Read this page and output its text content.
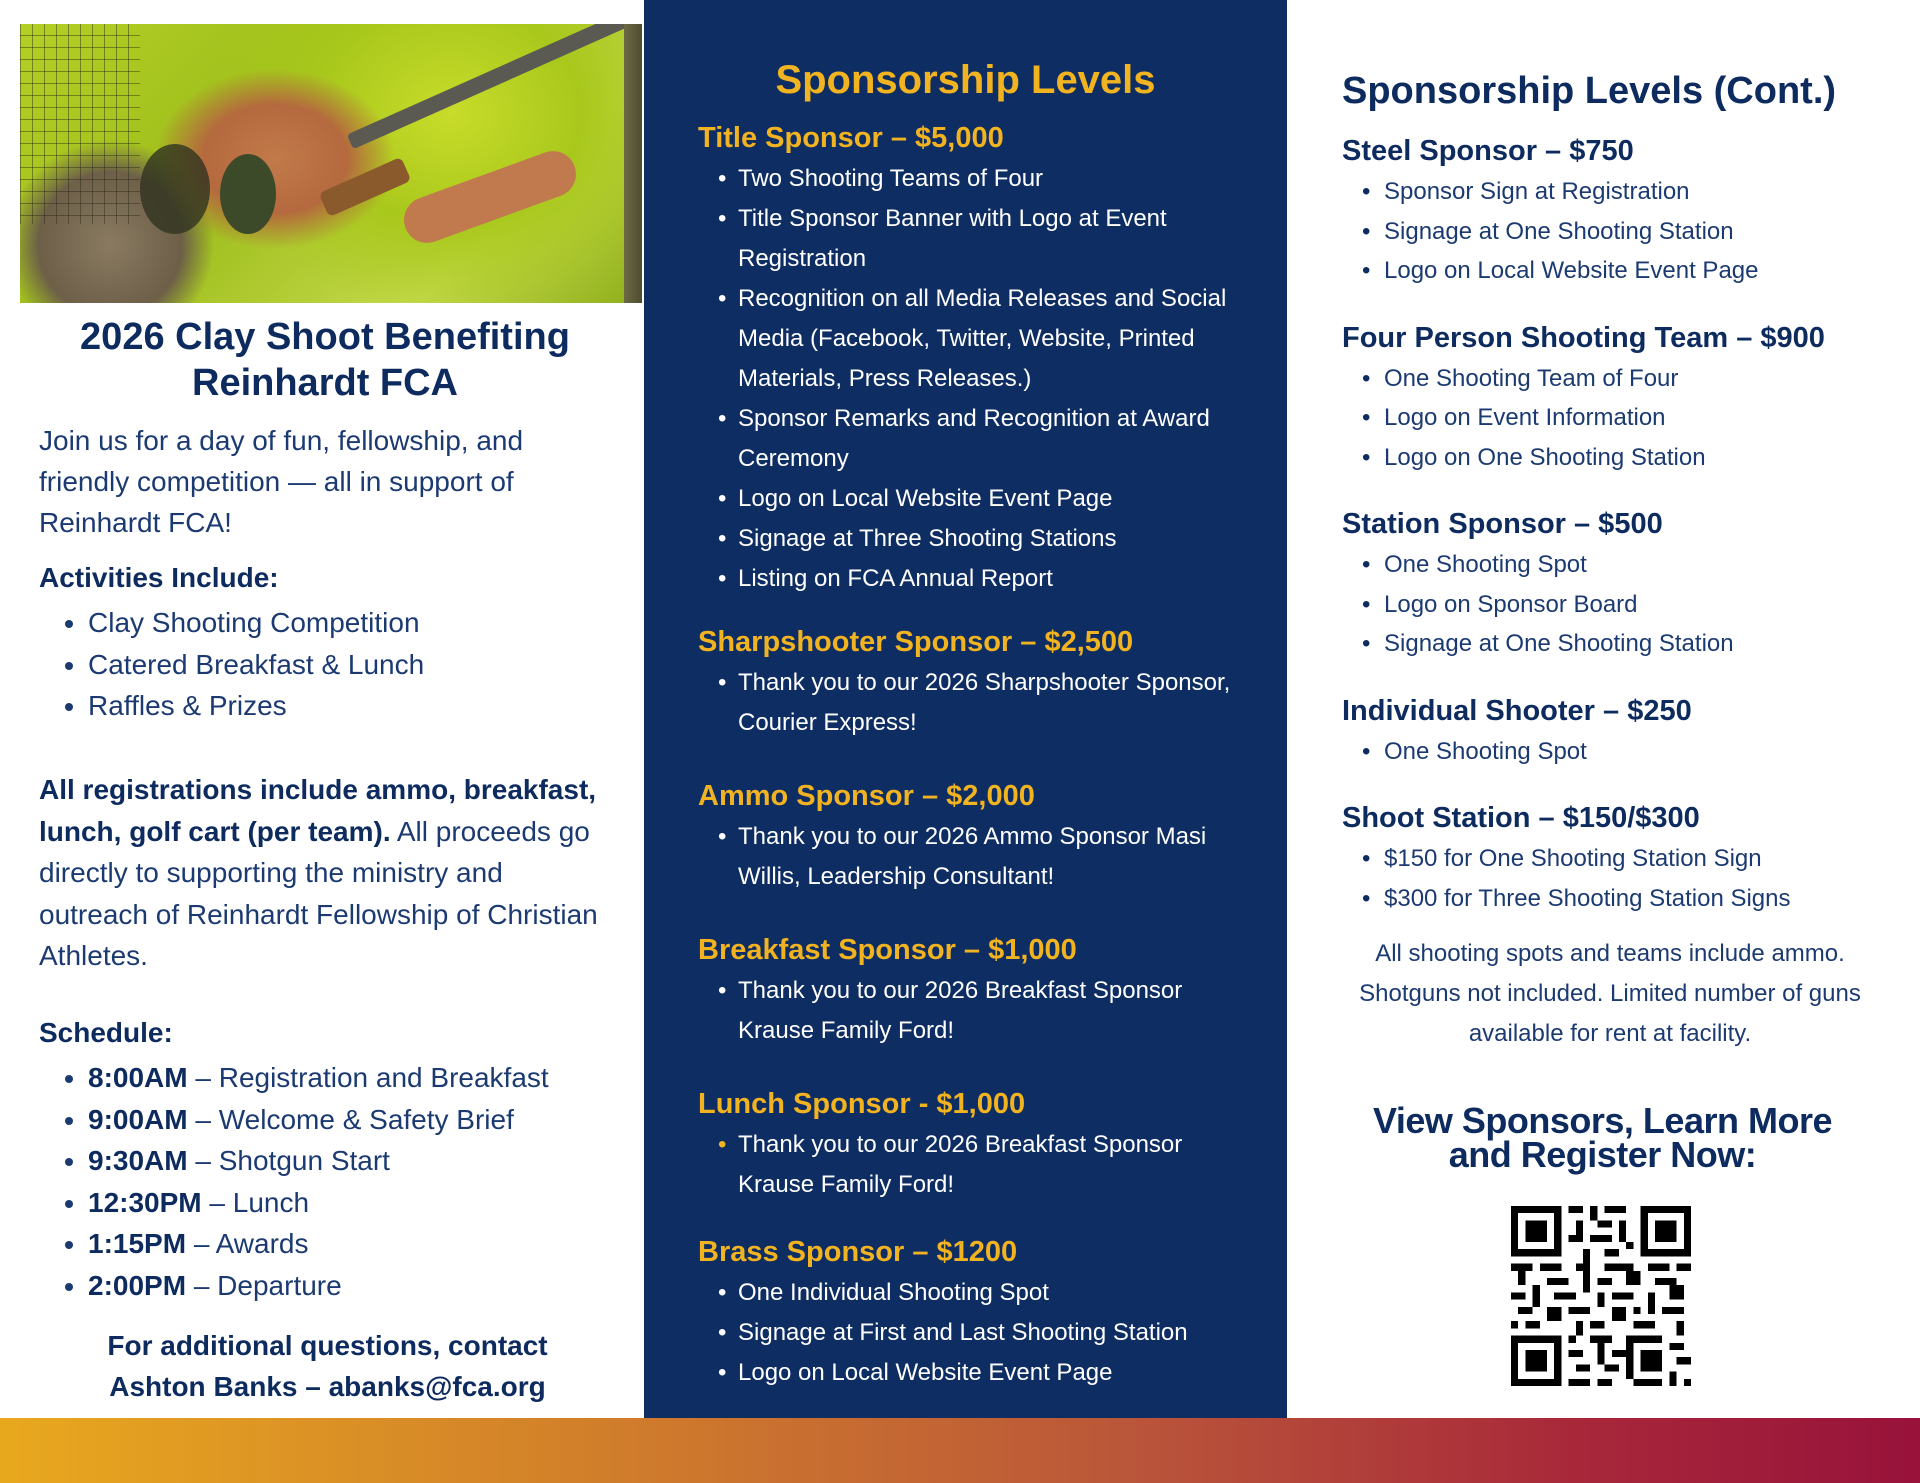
2026 Clay Shoot Benefiting Reinhardt FCA
Join us for a day of fun, fellowship, and friendly competition — all in support of Reinhardt FCA!
Activities Include:
• Clay Shooting Competition
• Catered Breakfast & Lunch
• Raffles & Prizes
All registrations include ammo, breakfast, lunch, golf cart (per team). All proceeds go directly to supporting the ministry and outreach of Reinhardt Fellowship of Christian Athletes.
Schedule:
• 8:00AM – Registration and Breakfast
• 9:00AM – Welcome & Safety Brief
• 9:30AM – Shotgun Start
• 12:30PM – Lunch
• 1:15PM – Awards
• 2:00PM – Departure
For additional questions, contact
Ashton Banks – abanks@fca.org
Sponsorship Levels
Title Sponsor – $5,000
• Two Shooting Teams of Four
• Title Sponsor Banner with Logo at Event Registration
• Recognition on all Media Releases and Social Media (Facebook, Twitter, Website, Printed Materials, Press Releases.)
• Sponsor Remarks and Recognition at Award Ceremony
• Logo on Local Website Event Page
• Signage at Three Shooting Stations
• Listing on FCA Annual Report
Sharpshooter Sponsor – $2,500
• Thank you to our 2026 Sharpshooter Sponsor, Courier Express!
Ammo Sponsor – $2,000
• Thank you to our 2026 Ammo Sponsor Masi Willis, Leadership Consultant!
Breakfast Sponsor – $1,000
• Thank you to our 2026 Breakfast Sponsor Krause Family Ford!
Lunch Sponsor - $1,000
• Thank you to our 2026 Breakfast Sponsor Krause Family Ford!
Brass Sponsor – $1200
• One Individual Shooting Spot
• Signage at First and Last Shooting Station
• Logo on Local Website Event Page
Sponsorship Levels (Cont.)
Steel Sponsor – $750
• Sponsor Sign at Registration
• Signage at One Shooting Station
• Logo on Local Website Event Page
Four Person Shooting Team – $900
• One Shooting Team of Four
• Logo on Event Information
• Logo on One Shooting Station
Station Sponsor – $500
• One Shooting Spot
• Logo on Sponsor Board
• Signage at One Shooting Station
Individual Shooter – $250
• One Shooting Spot
Shoot Station – $150/$300
• $150 for One Shooting Station Sign
• $300 for Three Shooting Station Signs
All shooting spots and teams include ammo. Shotguns not included. Limited number of guns available for rent at facility.
View Sponsors, Learn More
and Register Now:
